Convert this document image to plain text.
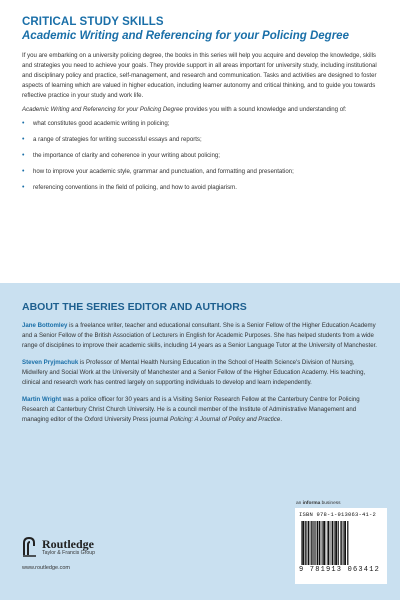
CRITICAL STUDY SKILLS
Academic Writing and Referencing for your Policing Degree

If you are embarking on a university policing degree, the books in this series will help you acquire and develop the knowledge, skills and strategies you need to achieve your goals. They provide support in all areas important for university study, including institutional and disciplinary policy and practice, self-management, and research and communication. Tasks and activities are designed to foster aspects of learning which are valued in higher education, including learner autonomy and critical thinking, and to guide you towards reflective practice in your study and work life.

Academic Writing and Referencing for your Policing Degree provides you with a sound knowledge and understanding of:

• what constitutes good academic writing in policing;
• a range of strategies for writing successful essays and reports;
• the importance of clarity and coherence in your writing about policing;
• how to improve your academic style, grammar and punctuation, and formatting and presentation;
• referencing conventions in the field of policing, and how to avoid plagiarism.
ABOUT THE SERIES EDITOR AND AUTHORS

Jane Bottomley is a freelance writer, teacher and educational consultant. She is a Senior Fellow of the Higher Education Academy and a Senior Fellow of the British Association of Lecturers in English for Academic Purposes. She has helped students from a wide range of disciplines to improve their academic skills, including 14 years as a Senior Language Tutor at the University of Manchester.

Steven Pryjmachuk is Professor of Mental Health Nursing Education in the School of Health Science's Division of Nursing, Midwifery and Social Work at the University of Manchester and a Senior Fellow of the Higher Education Academy. His teaching, clinical and research work has centred largely on supporting individuals to develop and learn independently.

Martin Wright was a police officer for 30 years and is a Visiting Senior Research Fellow at the Canterbury Centre for Policing Research at Canterbury Christ Church University. He is a council member of the Institute of Administrative Management and managing editor of the Oxford University Press journal Policing: A Journal of Policy and Practice.

an informa business
ISBN 978-1-913063-41-2
9 781913 063412
Routledge
Taylor & Francis Group
www.routledge.com
